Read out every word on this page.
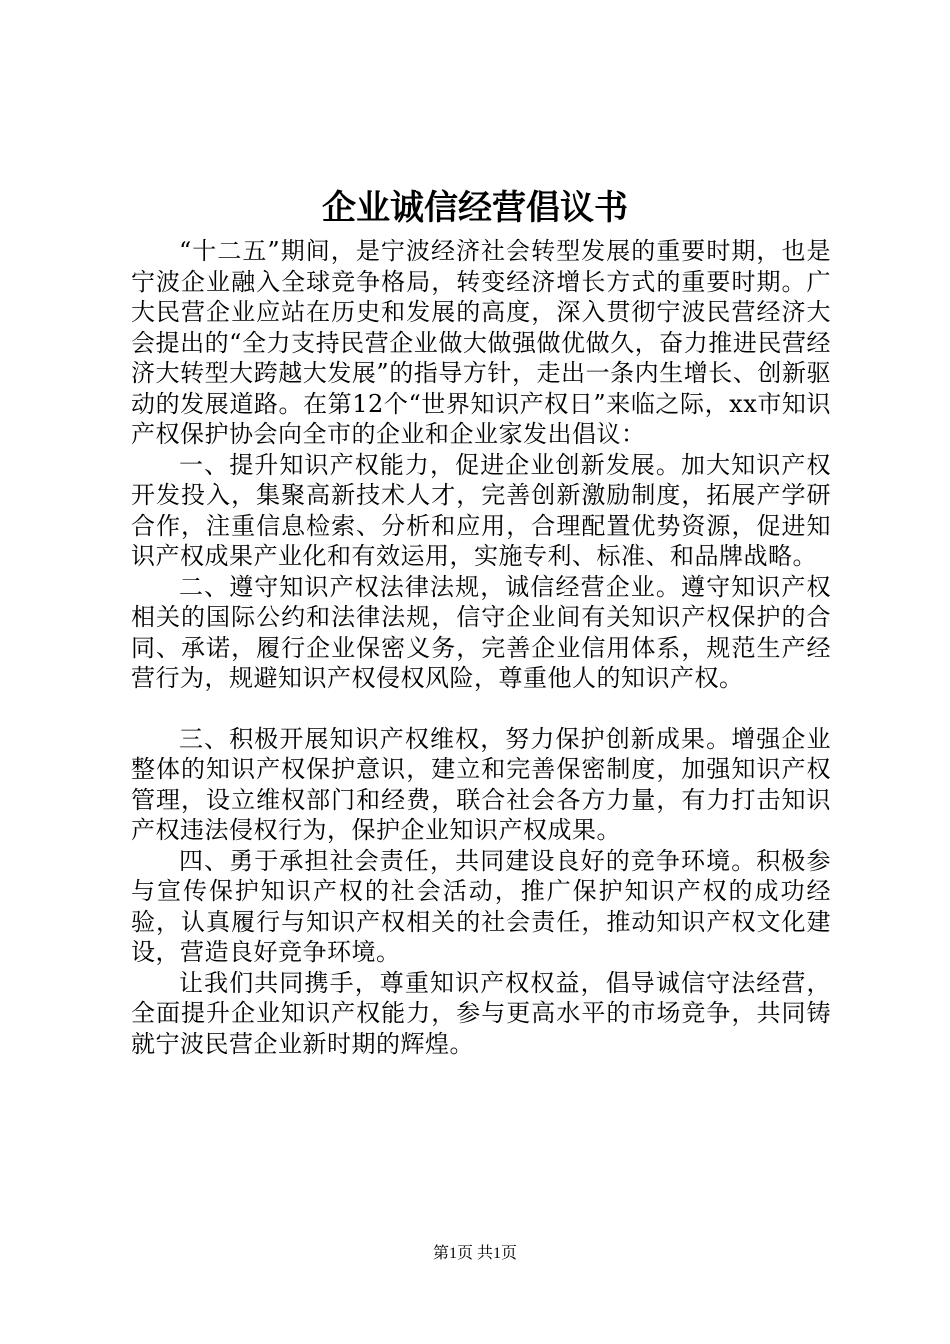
企业诚信经营倡议书

“十二五”期间，是宁波经济社会转型发展的重要时期，也是宁波企业融入全球竞争格局，转变经济增长方式的重要时期。广大民营企业应站在历史和发展的高度，深入贯彻宁波民营经济大会提出的“全力支持民营企业做大做强做优做久，奋力推进民营经济大转型大跨越大发展”的指导方针，走出一条内生增长、创新驱动的发展道路。在第12个“世界知识产权日”来临之际，xx市知识产权保护协会向全市的企业和企业家发出倡议：

一、提升知识产权能力，促进企业创新发展。加大知识产权开发投入，集聚高新技术人才，完善创新激励制度，拓展产学研合作，注重信息检索、分析和应用，合理配置优势资源，促进知识产权成果产业化和有效运用，实施专利、标准、和品牌战略。

二、遵守知识产权法律法规，诚信经营企业。遵守知识产权相关的国际公约和法律法规，信守企业间有关知识产权保护的合同、承诺，履行企业保密义务，完善企业信用体系，规范生产经营行为，规避知识产权侵权风险，尊重他人的知识产权。

三、积极开展知识产权维权，努力保护创新成果。增强企业整体的知识产权保护意识，建立和完善保密制度，加强知识产权管理，设立维权部门和经费，联合社会各方力量，有力打击知识产权违法侵权行为，保护企业知识产权成果。

四、勇于承担社会责任，共同建设良好的竞争环境。积极参与宣传保护知识产权的社会活动，推广保护知识产权的成功经验，认真履行与知识产权相关的社会责任，推动知识产权文化建设，营造良好竞争环境。

让我们共同携手，尊重知识产权权益，倡导诚信守法经营，全面提升企业知识产权能力，参与更高水平的市场竞争，共同铸就宁波民营企业新时期的辉煌。

第1页 共1页
